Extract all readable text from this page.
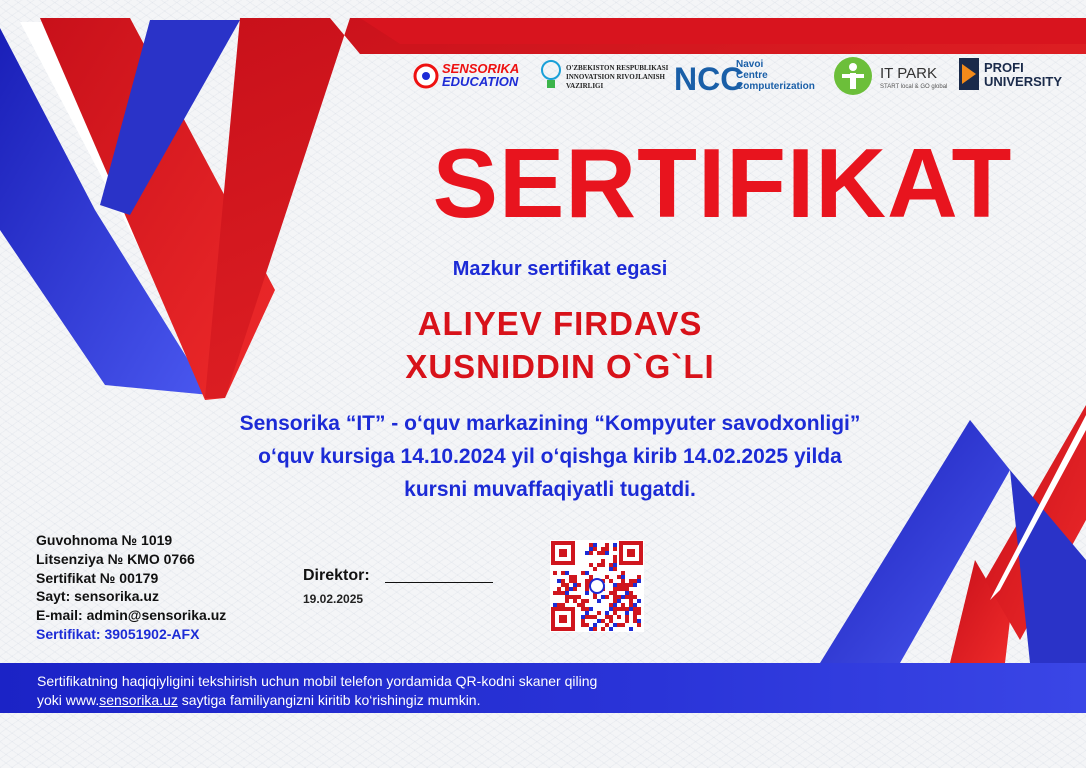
SENSORIKA
EDUCATION
O'ZBEKISTON RESPUBLIKASI
INNOVATSION RIVOJLANISH
VAZIRLIGI NCC
Navoi
Centre
Computerization
IT PARK
START local & GO global
PROFI
UNIVERSITY
SERTIFIKAT
Mazkur sertifikat egasi
ALIYEV FIRDAVS
XUSNIDDIN O`G`LI
Sensorika “IT” - o‘quv markazining “Kompyuter savodxonligi”
o‘quv kursiga 14.10.2024 yil o‘qishga kirib 14.02.2025 yilda
kursni muvaffaqiyatli tugatdi.
Guvohnoma № 1019
Litsenziya № KMO 0766
Sertifikat № 00179
Sayt: sensorika.uz
E-mail: admin@sensorika.uz
Sertifikat: 39051902-AFX
Direktor:
19.02.2025
Sertifikatning haqiqiyligini tekshirish uchun mobil telefon yordamida QR-kodni skaner qiling
yoki www.sensorika.uz saytiga familiyangizni kiritib ko‘rishingiz mumkin.
